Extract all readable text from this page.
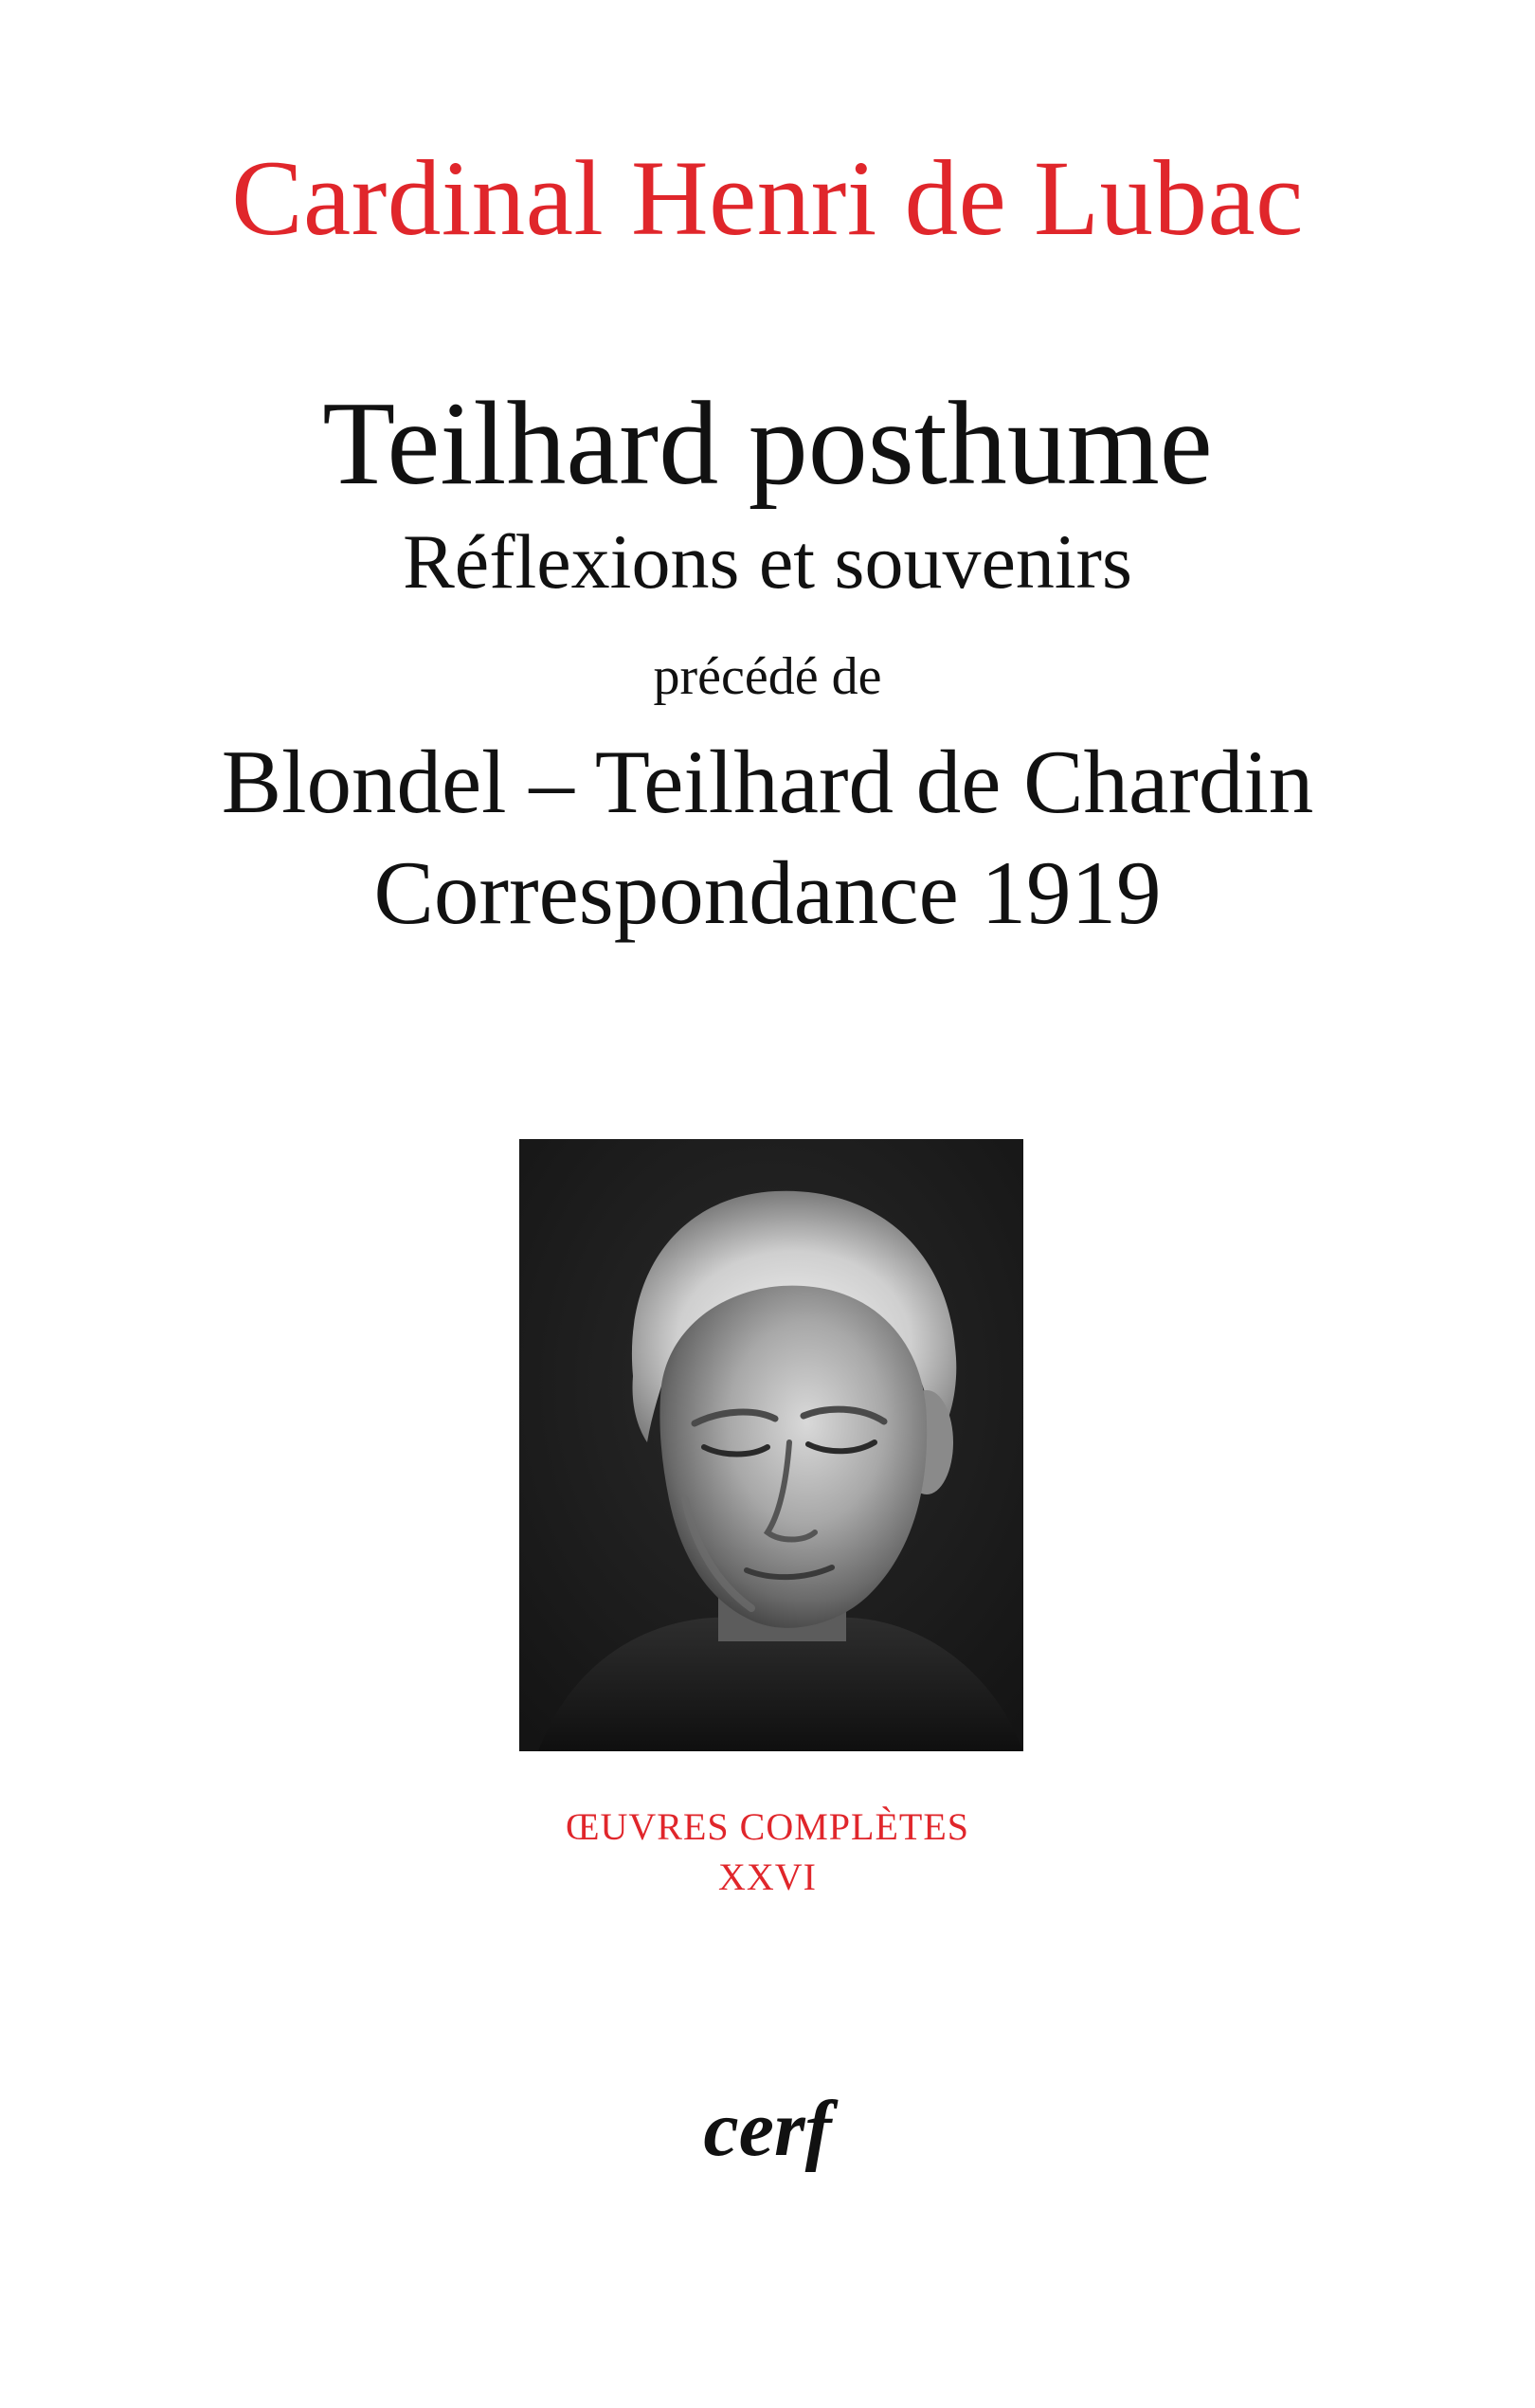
Cardinal Henri de Lubac
Teilhard posthume
Réflexions et souvenirs
précédé de
Blondel – Teilhard de Chardin
Correspondance 1919
ŒUVRES COMPLÈTES
XXVI
cerf
